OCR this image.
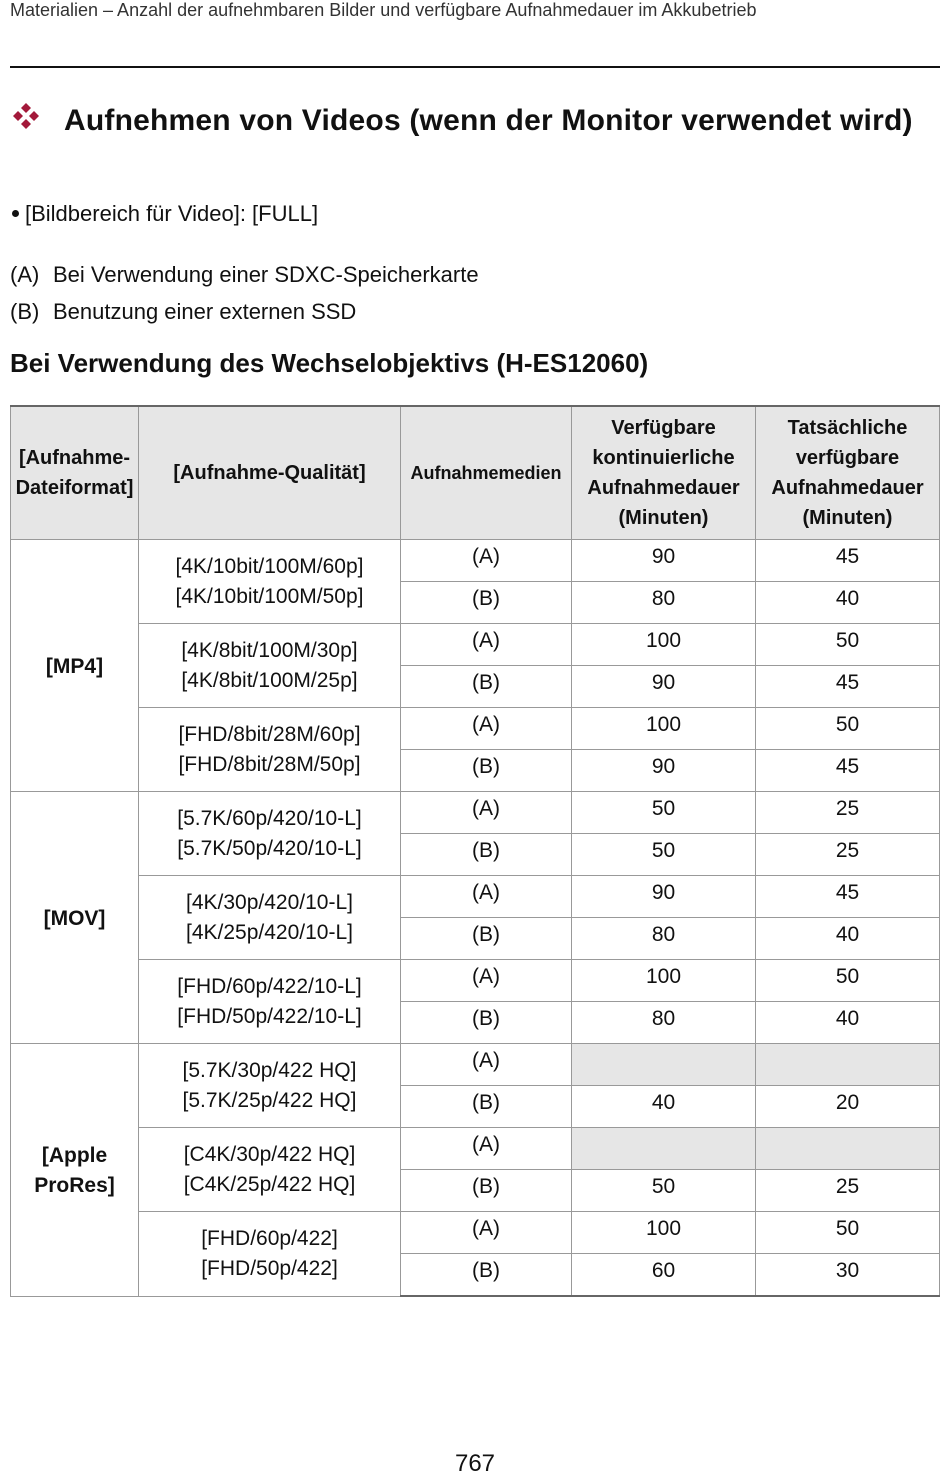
Materialien – Anzahl der aufnehmbaren Bilder und verfügbare Aufnahmedauer im Akkubetrieb
Aufnehmen von Videos (wenn der Monitor verwendet wird)
[Bildbereich für Video]: [FULL]
(A) Bei Verwendung einer SDXC-Speicherkarte
(B) Benutzung einer externen SSD
Bei Verwendung des Wechselobjektivs (H-ES12060)
[Aufnahme-
Dateiformat]	[Aufnahme-Qualität]	Aufnahmemedien	Verfügbare
kontinuierliche
Aufnahmedauer
(Minuten)	Tatsächliche
verfügbare
Aufnahmedauer
(Minuten)
[MP4]	[4K/10bit/100M/60p]
[4K/10bit/100M/50p]	(A)	90	45
		(B)	80	40
	[4K/8bit/100M/30p]
[4K/8bit/100M/25p]	(A)	100	50
		(B)	90	45
	[FHD/8bit/28M/60p]
[FHD/8bit/28M/50p]	(A)	100	50
		(B)	90	45
[MOV]	[5.7K/60p/420/10-L]
[5.7K/50p/420/10-L]	(A)	50	25
		(B)	50	25
	[4K/30p/420/10-L]
[4K/25p/420/10-L]	(A)	90	45
		(B)	80	40
	[FHD/60p/422/10-L]
[FHD/50p/422/10-L]	(A)	100	50
		(B)	80	40
[Apple
ProRes]	[5.7K/30p/422 HQ]
[5.7K/25p/422 HQ]	(A)		
		(B)	40	20
	[C4K/30p/422 HQ]
[C4K/25p/422 HQ]	(A)		
		(B)	50	25
	[FHD/60p/422]
[FHD/50p/422]	(A)	100	50
		(B)	60	30
767
